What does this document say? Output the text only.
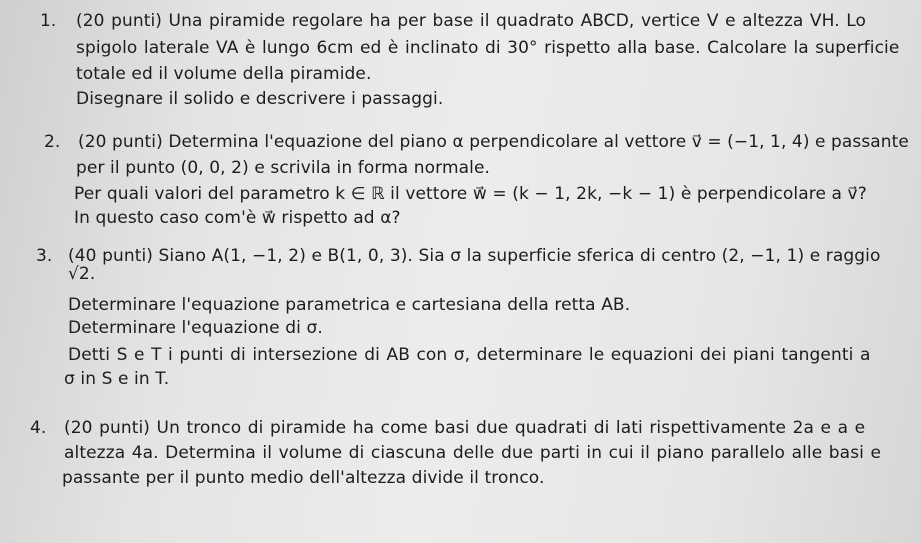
1. (20 punti) Una piramide regolare ha per base il quadrato ABCD, vertice V e altezza VH. Lo
spigolo laterale VA è lungo 6cm ed è inclinato di 30° rispetto alla base. Calcolare la superficie
totale ed il volume della piramide.
Disegnare il solido e descrivere i passaggi.
2. (20 punti) Determina l'equazione del piano α perpendicolare al vettore v⃗ = (−1, 1, 4) e passante
per il punto (0, 0, 2) e scrivila in forma normale.
Per quali valori del parametro k ∈ ℝ il vettore w⃗ = (k − 1, 2k, −k − 1) è perpendicolare a v⃗?
In questo caso com'è w⃗ rispetto ad α?
3. (40 punti) Siano A(1, −1, 2) e B(1, 0, 3). Sia σ la superficie sferica di centro (2, −1, 1) e raggio
√2.
Determinare l'equazione parametrica e cartesiana della retta AB.
Determinare l'equazione di σ.
Detti S e T i punti di intersezione di AB con σ, determinare le equazioni dei piani tangenti a
σ in S e in T.
4. (20 punti) Un tronco di piramide ha come basi due quadrati di lati rispettivamente 2a e a e
altezza 4a. Determina il volume di ciascuna delle due parti in cui il piano parallelo alle basi e
passante per il punto medio dell'altezza divide il tronco.
